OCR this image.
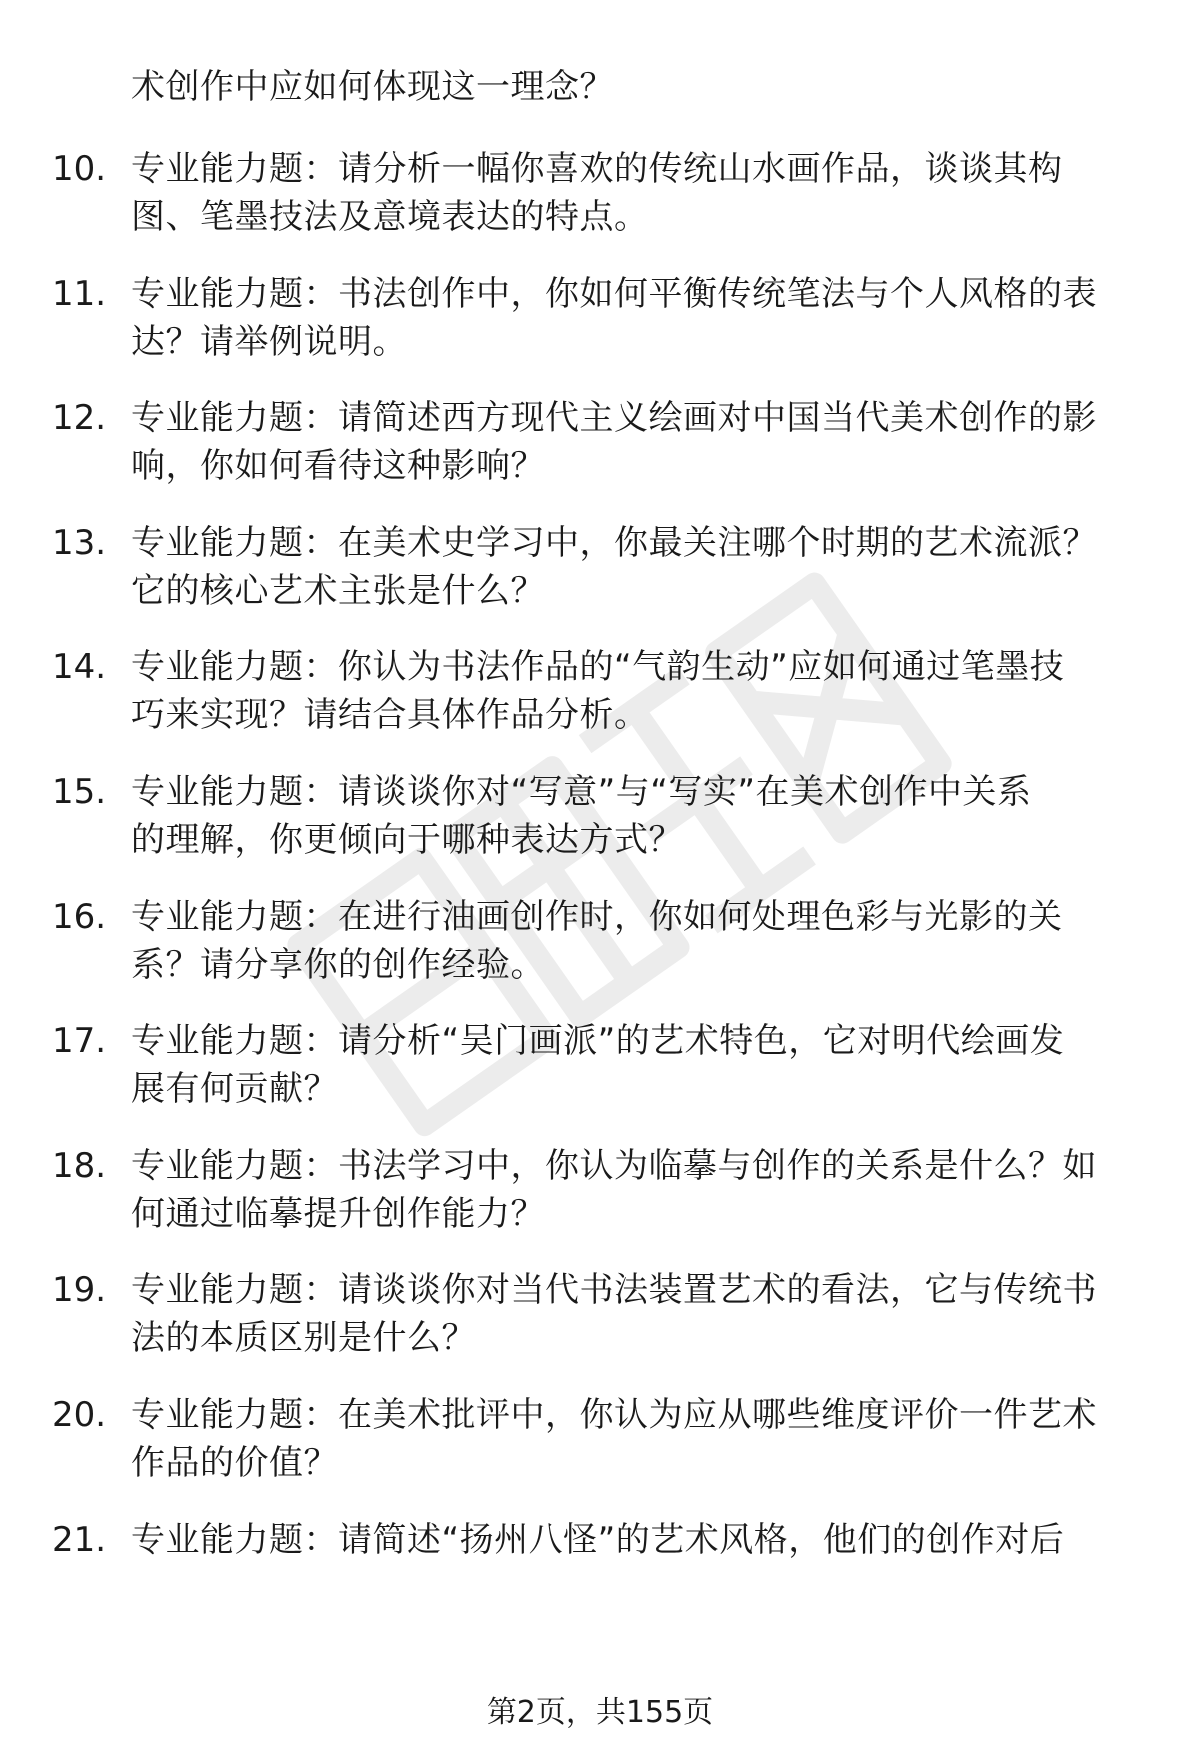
术创作中应如何体现这一理念？
10. 专业能力题：请分析一幅你喜欢的传统山水画作品，谈谈其构
图、笔墨技法及意境表达的特点。
11. 专业能力题：书法创作中，你如何平衡传统笔法与个人风格的表
达？请举例说明。
12. 专业能力题：请简述西方现代主义绘画对中国当代美术创作的影
响，你如何看待这种影响？
13. 专业能力题：在美术史学习中，你最关注哪个时期的艺术流派？
它的核心艺术主张是什么？
14. 专业能力题：你认为书法作品的“气韵生动”应如何通过笔墨技
巧来实现？请结合具体作品分析。
15. 专业能力题：请谈谈你对“写意”与“写实”在美术创作中关系
的理解，你更倾向于哪种表达方式？
16. 专业能力题：在进行油画创作时，你如何处理色彩与光影的关
系？请分享你的创作经验。
17. 专业能力题：请分析“吴门画派”的艺术特色，它对明代绘画发
展有何贡献？
18. 专业能力题：书法学习中，你认为临摹与创作的关系是什么？如
何通过临摹提升创作能力？
19. 专业能力题：请谈谈你对当代书法装置艺术的看法，它与传统书
法的本质区别是什么？
20. 专业能力题：在美术批评中，你认为应从哪些维度评价一件艺术
作品的价值？
21. 专业能力题：请简述“扬州八怪”的艺术风格，他们的创作对后
第2页，共155页
